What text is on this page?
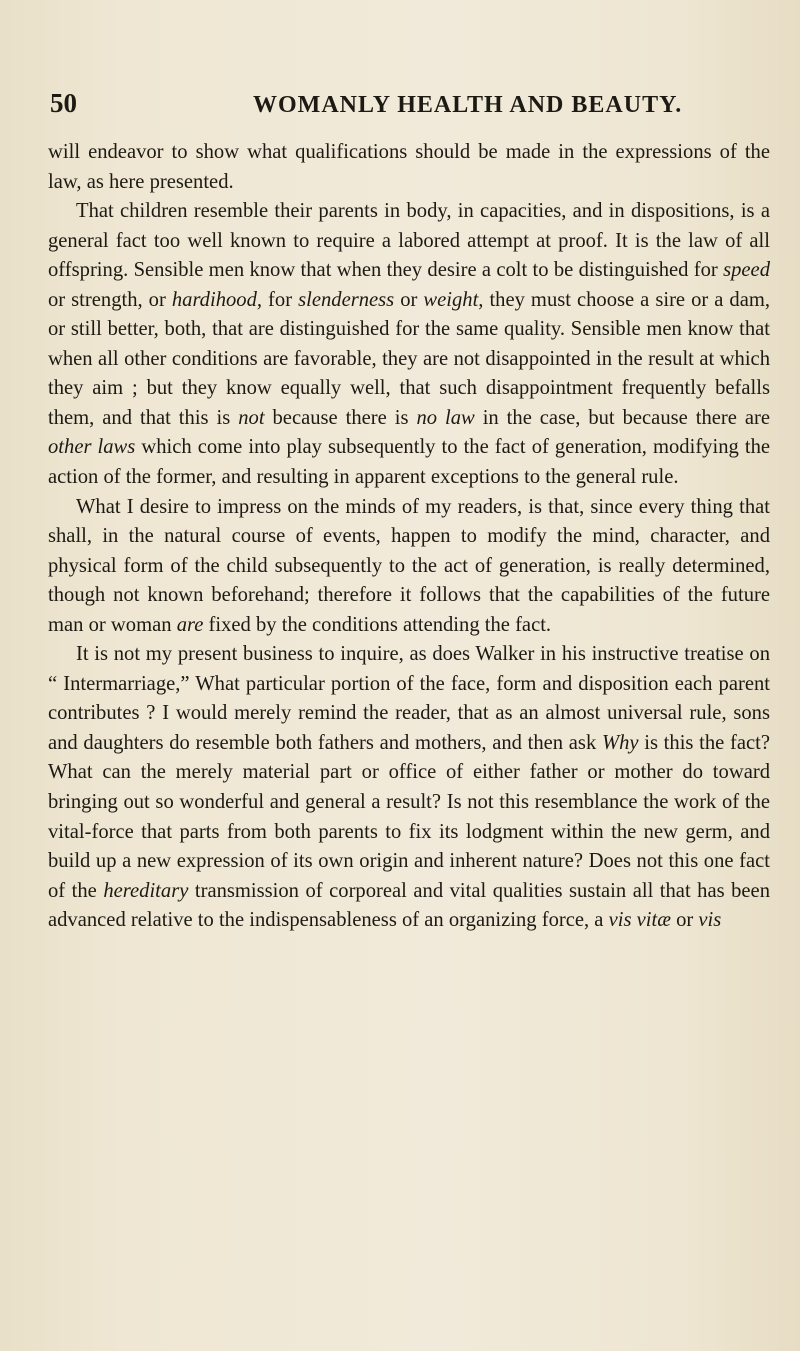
50	WOMANLY HEALTH AND BEAUTY.

will endeavor to show what qualifications should be made in the expressions of the law, as here presented.

That children resemble their parents in body, in capacities, and in dispositions, is a general fact too well known to require a labored attempt at proof. It is the law of all offspring. Sensible men know that when they desire a colt to be distinguished for speed or strength, or hardihood, for slenderness or weight, they must choose a sire or a dam, or still better, both, that are distinguished for the same quality. Sensible men know that when all other conditions are favorable, they are not disappointed in the result at which they aim ; but they know equally well, that such disappointment frequently befalls them, and that this is not because there is no law in the case, but because there are other laws which come into play subsequently to the fact of generation, modifying the action of the former, and resulting in apparent exceptions to the general rule.

What I desire to impress on the minds of my readers, is that, since every thing that shall, in the natural course of events, happen to modify the mind, character, and physical form of the child subsequently to the act of generation, is really determined, though not known beforehand; therefore it follows that the capabilities of the future man or woman are fixed by the conditions attending the fact.

It is not my present business to inquire, as does Walker in his instructive treatise on “ Intermarriage,” What particular portion of the face, form and disposition each parent contributes ? I would merely remind the reader, that as an almost universal rule, sons and daughters do resemble both fathers and mothers, and then ask Why is this the fact? What can the merely material part or office of either father or mother do toward bringing out so wonderful and general a result? Is not this resemblance the work of the vital-force that parts from both parents to fix its lodgment within the new germ, and build up a new expression of its own origin and inherent nature? Does not this one fact of the hereditary transmission of corporeal and vital qualities sustain all that has been advanced relative to the indispensableness of an organizing force, a vis vitæ or vis
